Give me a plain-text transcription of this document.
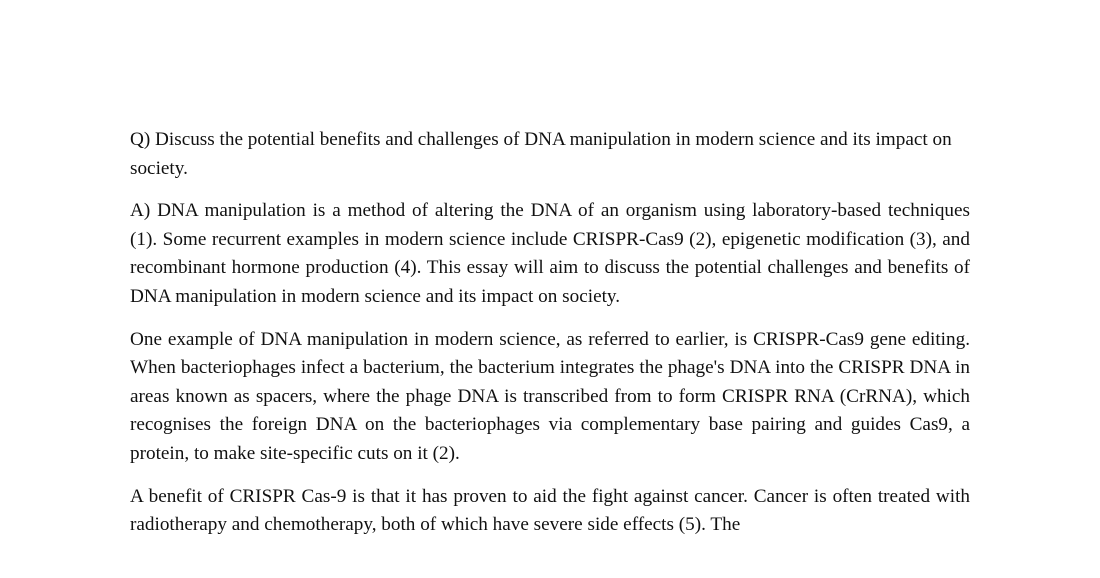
Q) Discuss the potential benefits and challenges of DNA manipulation in modern science and its impact on society.

A) DNA manipulation is a method of altering the DNA of an organism using laboratory-based techniques (1). Some recurrent examples in modern science include CRISPR-Cas9 (2), epigenetic modification (3), and recombinant hormone production (4). This essay will aim to discuss the potential challenges and benefits of DNA manipulation in modern science and its impact on society.

One example of DNA manipulation in modern science, as referred to earlier, is CRISPR-Cas9 gene editing. When bacteriophages infect a bacterium, the bacterium integrates the phage's DNA into the CRISPR DNA in areas known as spacers, where the phage DNA is transcribed from to form CRISPR RNA (CrRNA), which recognises the foreign DNA on the bacteriophages via complementary base pairing and guides Cas9, a protein, to make site-specific cuts on it (2).

A benefit of CRISPR Cas-9 is that it has proven to aid the fight against cancer. Cancer is often treated with radiotherapy and chemotherapy, both of which have severe side effects (5). The
